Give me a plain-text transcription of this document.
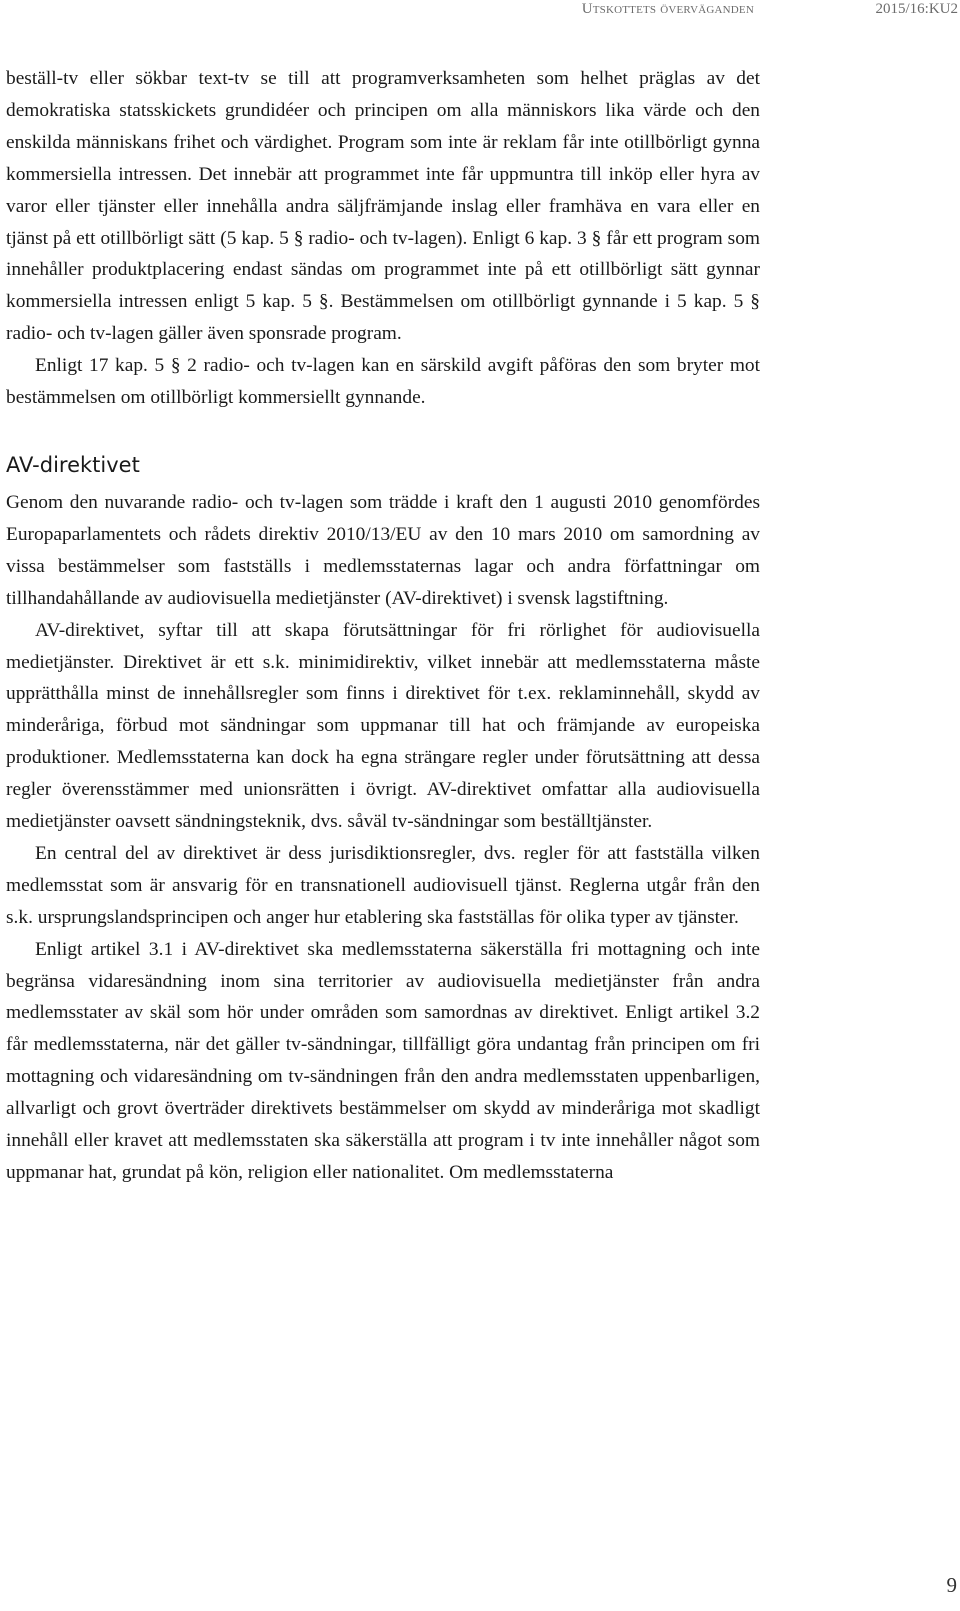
Utskottets överväganden	2015/16:KU2

beställ-tv eller sökbar text-tv se till att programverksamheten som helhet präglas av det demokratiska statsskickets grundidéer och principen om alla människors lika värde och den enskilda människans frihet och värdighet. Program som inte är reklam får inte otillbörligt gynna kommersiella intressen. Det innebär att programmet inte får uppmuntra till inköp eller hyra av varor eller tjänster eller innehålla andra säljfrämjande inslag eller framhäva en vara eller en tjänst på ett otillbörligt sätt (5 kap. 5 § radio- och tv-lagen). Enligt 6 kap. 3 § får ett program som innehåller produktplacering endast sändas om programmet inte på ett otillbörligt sätt gynnar kommersiella intressen enligt 5 kap. 5 §. Bestämmelsen om otillbörligt gynnande i 5 kap. 5 § radio- och tv-lagen gäller även sponsrade program.

Enligt 17 kap. 5 § 2 radio- och tv-lagen kan en särskild avgift påföras den som bryter mot bestämmelsen om otillbörligt kommersiellt gynnande.

AV-direktivet

Genom den nuvarande radio- och tv-lagen som trädde i kraft den 1 augusti 2010 genomfördes Europaparlamentets och rådets direktiv 2010/13/EU av den 10 mars 2010 om samordning av vissa bestämmelser som fastställs i medlemsstaternas lagar och andra författningar om tillhandahållande av audiovisuella medietjänster (AV-direktivet) i svensk lagstiftning.

AV-direktivet, syftar till att skapa förutsättningar för fri rörlighet för audiovisuella medietjänster. Direktivet är ett s.k. minimidirektiv, vilket innebär att medlemsstaterna måste upprätthålla minst de innehållsregler som finns i direktivet för t.ex. reklaminnehåll, skydd av minderåriga, förbud mot sändningar som uppmanar till hat och främjande av europeiska produktioner. Medlemsstaterna kan dock ha egna strängare regler under förutsättning att dessa regler överensstämmer med unionsrätten i övrigt. AV-direktivet omfattar alla audiovisuella medietjänster oavsett sändningsteknik, dvs. såväl tv-sändningar som beställtjänster.

En central del av direktivet är dess jurisdiktionsregler, dvs. regler för att fastställa vilken medlemsstat som är ansvarig för en transnationell audiovisuell tjänst. Reglerna utgår från den s.k. ursprungslandsprincipen och anger hur etablering ska fastställas för olika typer av tjänster.

Enligt artikel 3.1 i AV-direktivet ska medlemsstaterna säkerställa fri mottagning och inte begränsa vidaresändning inom sina territorier av audiovisuella medietjänster från andra medlemsstater av skäl som hör under områden som samordnas av direktivet. Enligt artikel 3.2 får medlemsstaterna, när det gäller tv-sändningar, tillfälligt göra undantag från principen om fri mottagning och vidaresändning om tv-sändningen från den andra medlemsstaten uppenbarligen, allvarligt och grovt överträder direktivets bestämmelser om skydd av minderåriga mot skadligt innehåll eller kravet att medlemsstaten ska säkerställa att program i tv inte innehåller något som uppmanar hat, grundat på kön, religion eller nationalitet. Om medlemsstaterna

9
